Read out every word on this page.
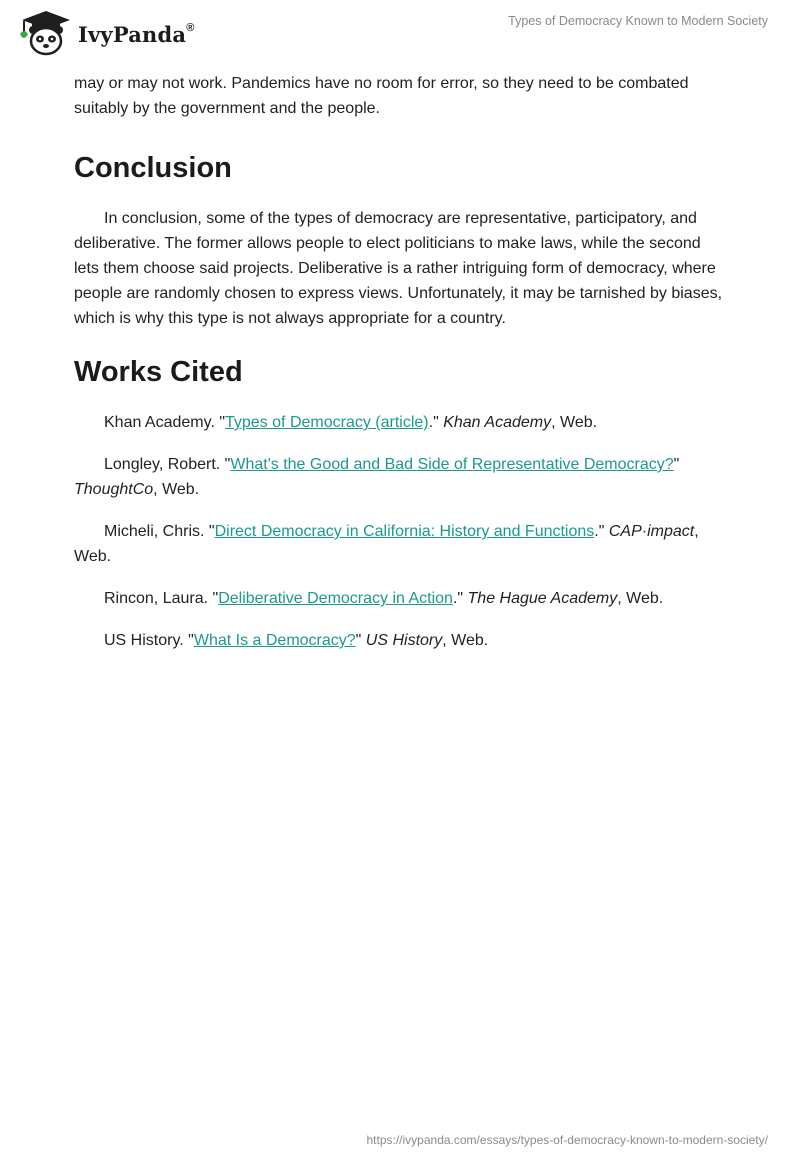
IvyPanda®	Types of Democracy Known to Modern Society

may or may not work. Pandemics have no room for error, so they need to be combated suitably by the government and the people.

Conclusion

In conclusion, some of the types of democracy are representative, participatory, and deliberative. The former allows people to elect politicians to make laws, while the second lets them choose said projects. Deliberative is a rather intriguing form of democracy, where people are randomly chosen to express views. Unfortunately, it may be tarnished by biases, which is why this type is not always appropriate for a country.

Works Cited

Khan Academy. "Types of Democracy (article)." Khan Academy, Web.

Longley, Robert. "What's the Good and Bad Side of Representative Democracy?" ThoughtCo, Web.

Micheli, Chris. "Direct Democracy in California: History and Functions." CAP·impact, Web.

Rincon, Laura. "Deliberative Democracy in Action." The Hague Academy, Web.

US History. "What Is a Democracy?" US History, Web.

https://ivypanda.com/essays/types-of-democracy-known-to-modern-society/
